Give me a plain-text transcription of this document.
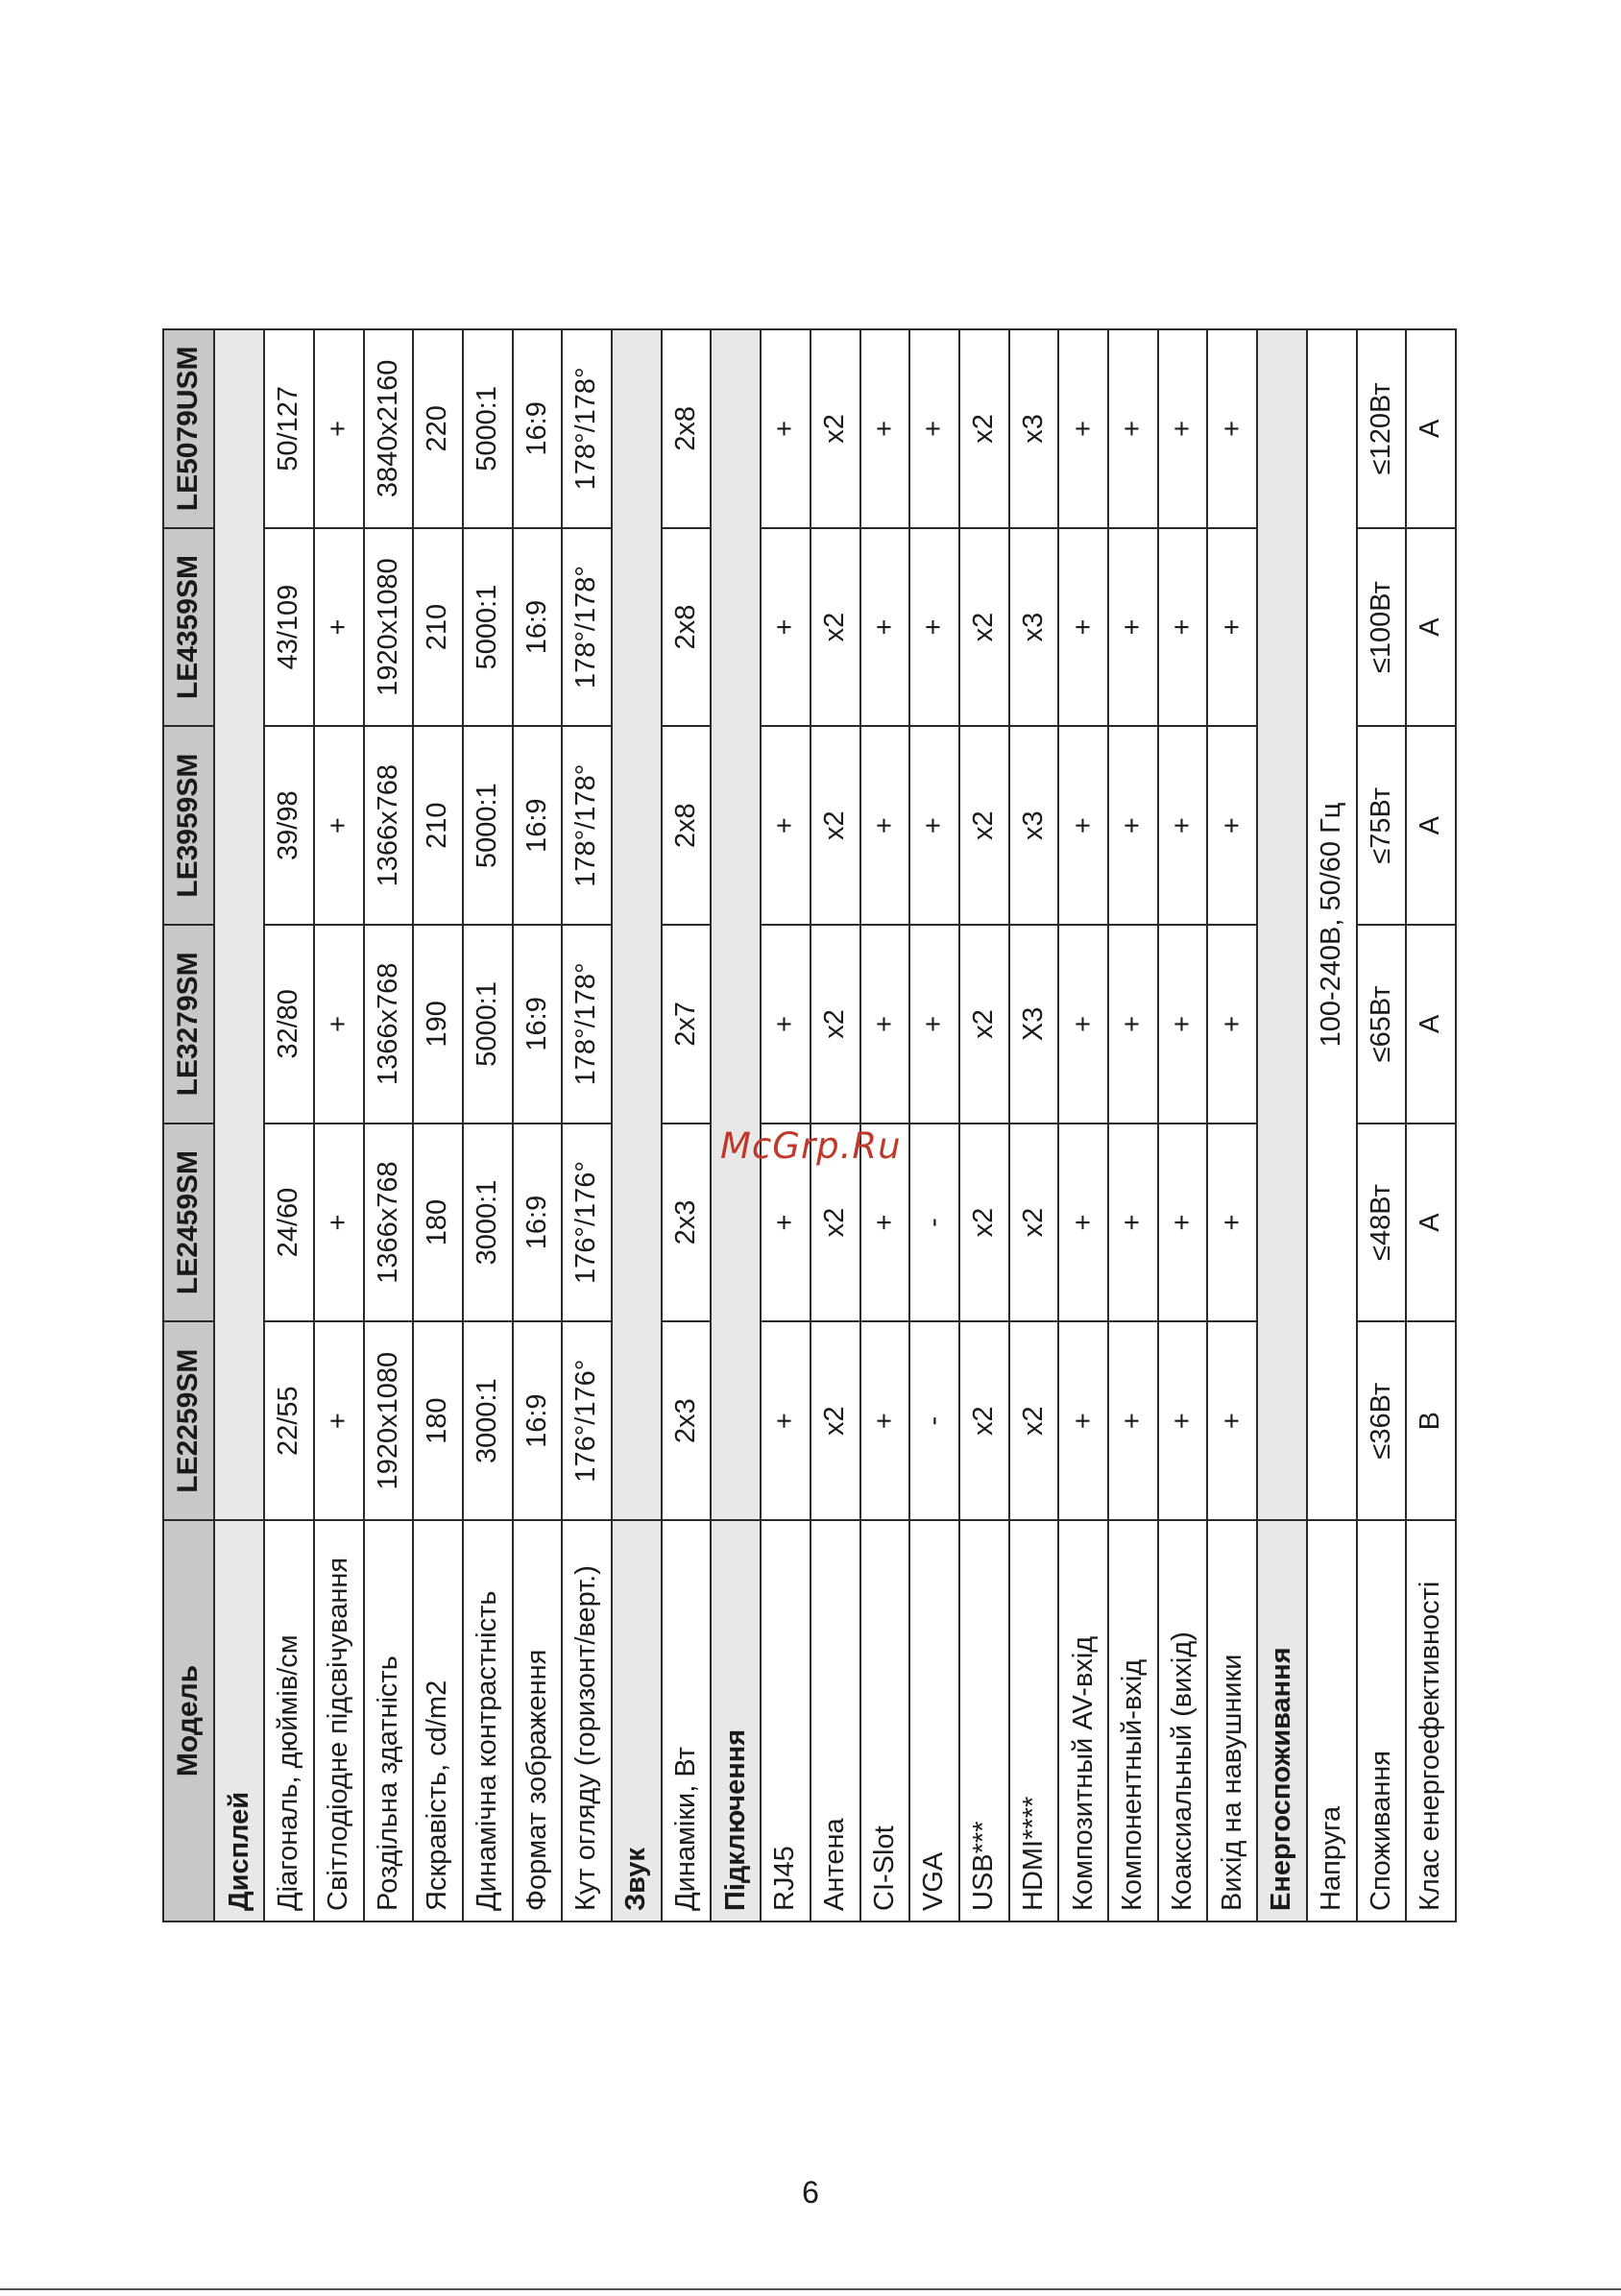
Модель	LE2259SM	LE2459SM	LE3279SM	LE3959SM	LE4359SM	LE5079USM
Дисплей						
Діагональ, дюймів/см	22/55	24/60	32/80	39/98	43/109	50/127
Світлодіодне підсвічування	+	+	+	+	+	+
Роздільна здатність	1920x1080	1366x768	1366x768	1366x768	1920x1080	3840x2160
Яскравість, cd/m2	180	180	190	210	210	220
Динамічна контрастність	3000:1	3000:1	5000:1	5000:1	5000:1	5000:1
Формат зображення	16:9	16:9	16:9	16:9	16:9	16:9
Кут огляду (горизонт/верт.)	176°/176°	176°/176°	178°/178°	178°/178°	178°/178°	178°/178°
Звук						
Динаміки, Вт	2x3	2x3	2x7	2x8	2x8	2x8
Підключення						
RJ45	+	+	+	+	+	+
Антена	x2	x2	x2	x2	x2	x2
CI-Slot	+	+	+	+	+	+
VGA	-	-	+	+	+	+
USB***	x2	x2	x2	x2	x2	x2
HDMI****	x2	x2	X3	x3	x3	x3
Композитный AV-вхід	+	+	+	+	+	+
Компонентный-вхід	+	+	+	+	+	+
Коаксиальный (вихід)	+	+	+	+	+	+
Вихід на навушники	+	+	+	+	+	+
Енергоспоживання						
Напруга	100-240В, 50/60 Гц					
Споживання	≤36Вт	≤48Вт	≤65Вт	≤75Вт	≤100Вт	≤120Вт
Клас енергоефективності	B	A	A	A	A	A
McGrp.Ru
6
